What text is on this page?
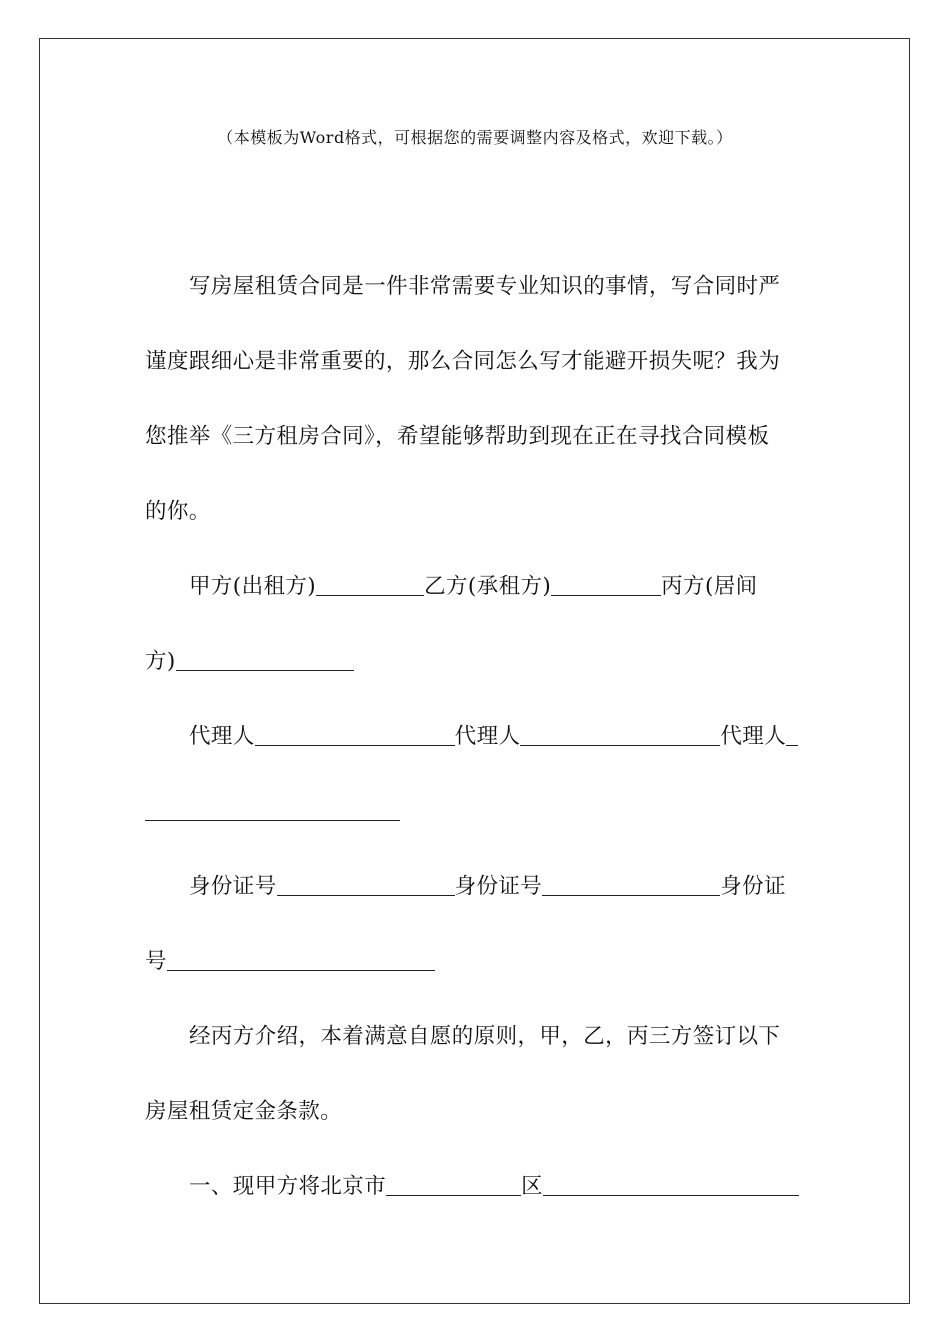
（本模板为Word格式，可根据您的需要调整内容及格式，欢迎下载。）
写房屋租赁合同是一件非常需要专业知识的事情，写合同时严
谨度跟细心是非常重要的，那么合同怎么写才能避开损失呢？我为
您推举《三方租房合同》，希望能够帮助到现在正在寻找合同模板
的你。
甲方(出租方)	乙方(承租方)	丙方(居间
方)
代理人	代理人	代理人
身份证号	身份证号	身份证
号
经丙方介绍，本着满意自愿的原则，甲，乙，丙三方签订以下
房屋租赁定金条款。
一、现甲方将北京市	区
